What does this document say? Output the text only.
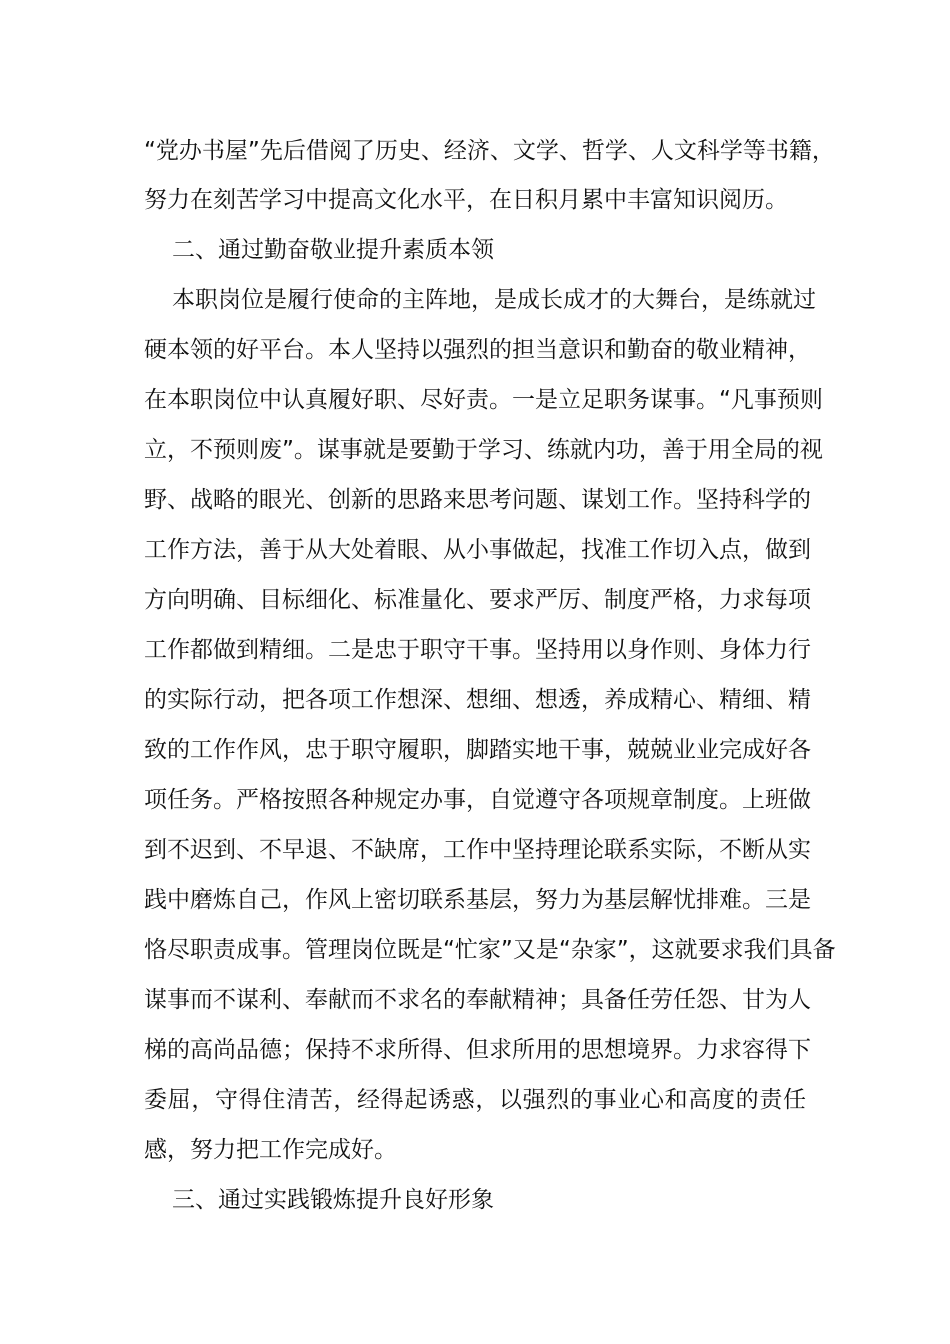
“党办书屋”先后借阅了历史、经济、文学、哲学、人文科学等书籍，
努力在刻苦学习中提高文化水平，在日积月累中丰富知识阅历。
二、通过勤奋敬业提升素质本领
本职岗位是履行使命的主阵地，是成长成才的大舞台，是练就过
硬本领的好平台。本人坚持以强烈的担当意识和勤奋的敬业精神，
在本职岗位中认真履好职、尽好责。一是立足职务谋事。“凡事预则
立，不预则废”。谋事就是要勤于学习、练就内功，善于用全局的视
野、战略的眼光、创新的思路来思考问题、谋划工作。坚持科学的
工作方法，善于从大处着眼、从小事做起，找准工作切入点，做到
方向明确、目标细化、标准量化、要求严厉、制度严格，力求每项
工作都做到精细。二是忠于职守干事。坚持用以身作则、身体力行
的实际行动，把各项工作想深、想细、想透，养成精心、精细、精
致的工作作风，忠于职守履职，脚踏实地干事，兢兢业业完成好各
项任务。严格按照各种规定办事，自觉遵守各项规章制度。上班做
到不迟到、不早退、不缺席，工作中坚持理论联系实际，不断从实
践中磨炼自己，作风上密切联系基层，努力为基层解忧排难。三是
恪尽职责成事。管理岗位既是“忙家”又是“杂家”，这就要求我们具备
谋事而不谋利、奉献而不求名的奉献精神；具备任劳任怨、甘为人
梯的高尚品德；保持不求所得、但求所用的思想境界。力求容得下
委屈，守得住清苦，经得起诱惑，以强烈的事业心和高度的责任
感，努力把工作完成好。
三、通过实践锻炼提升良好形象
